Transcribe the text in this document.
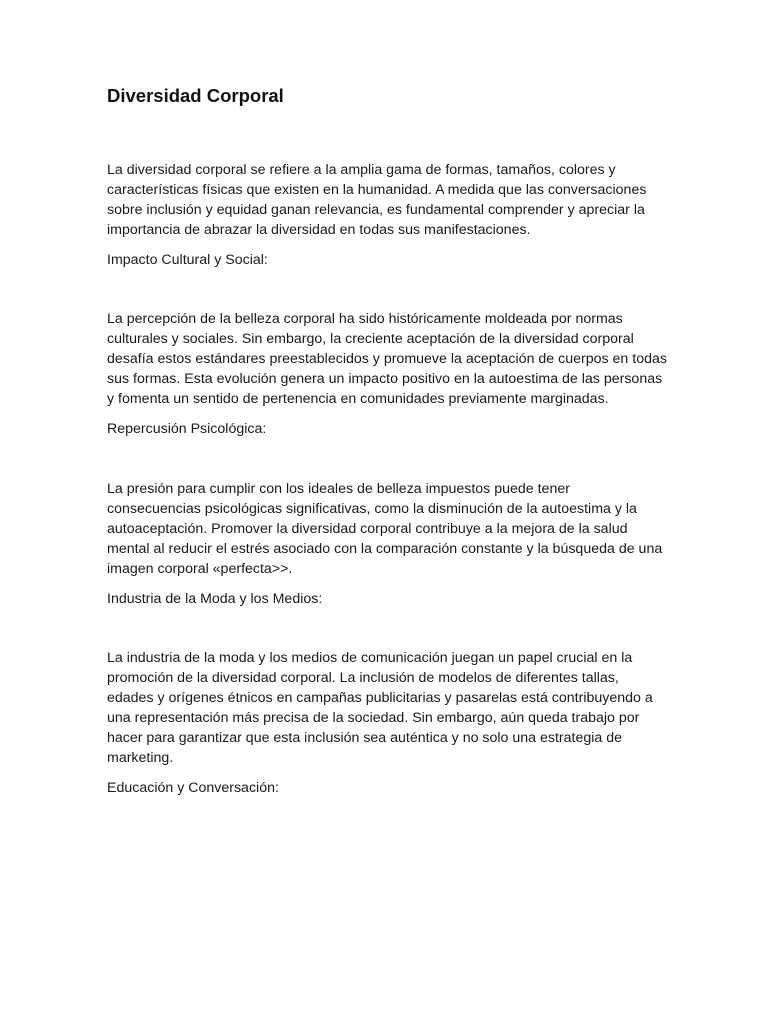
Diversidad Corporal

La diversidad corporal se refiere a la amplia gama de formas, tamaños, colores y características físicas que existen en la humanidad. A medida que las conversaciones sobre inclusión y equidad ganan relevancia, es fundamental comprender y apreciar la importancia de abrazar la diversidad en todas sus manifestaciones.

Impacto Cultural y Social:

La percepción de la belleza corporal ha sido históricamente moldeada por normas culturales y sociales. Sin embargo, la creciente aceptación de la diversidad corporal desafía estos estándares preestablecidos y promueve la aceptación de cuerpos en todas sus formas. Esta evolución genera un impacto positivo en la autoestima de las personas y fomenta un sentido de pertenencia en comunidades previamente marginadas.

Repercusión Psicológica:

La presión para cumplir con los ideales de belleza impuestos puede tener consecuencias psicológicas significativas, como la disminución de la autoestima y la autoaceptación. Promover la diversidad corporal contribuye a la mejora de la salud mental al reducir el estrés asociado con la comparación constante y la búsqueda de una imagen corporal «perfecta>>.

Industria de la Moda y los Medios:

La industria de la moda y los medios de comunicación juegan un papel crucial en la promoción de la diversidad corporal. La inclusión de modelos de diferentes tallas, edades y orígenes étnicos en campañas publicitarias y pasarelas está contribuyendo a una representación más precisa de la sociedad. Sin embargo, aún queda trabajo por hacer para garantizar que esta inclusión sea auténtica y no solo una estrategia de marketing.

Educación y Conversación:
